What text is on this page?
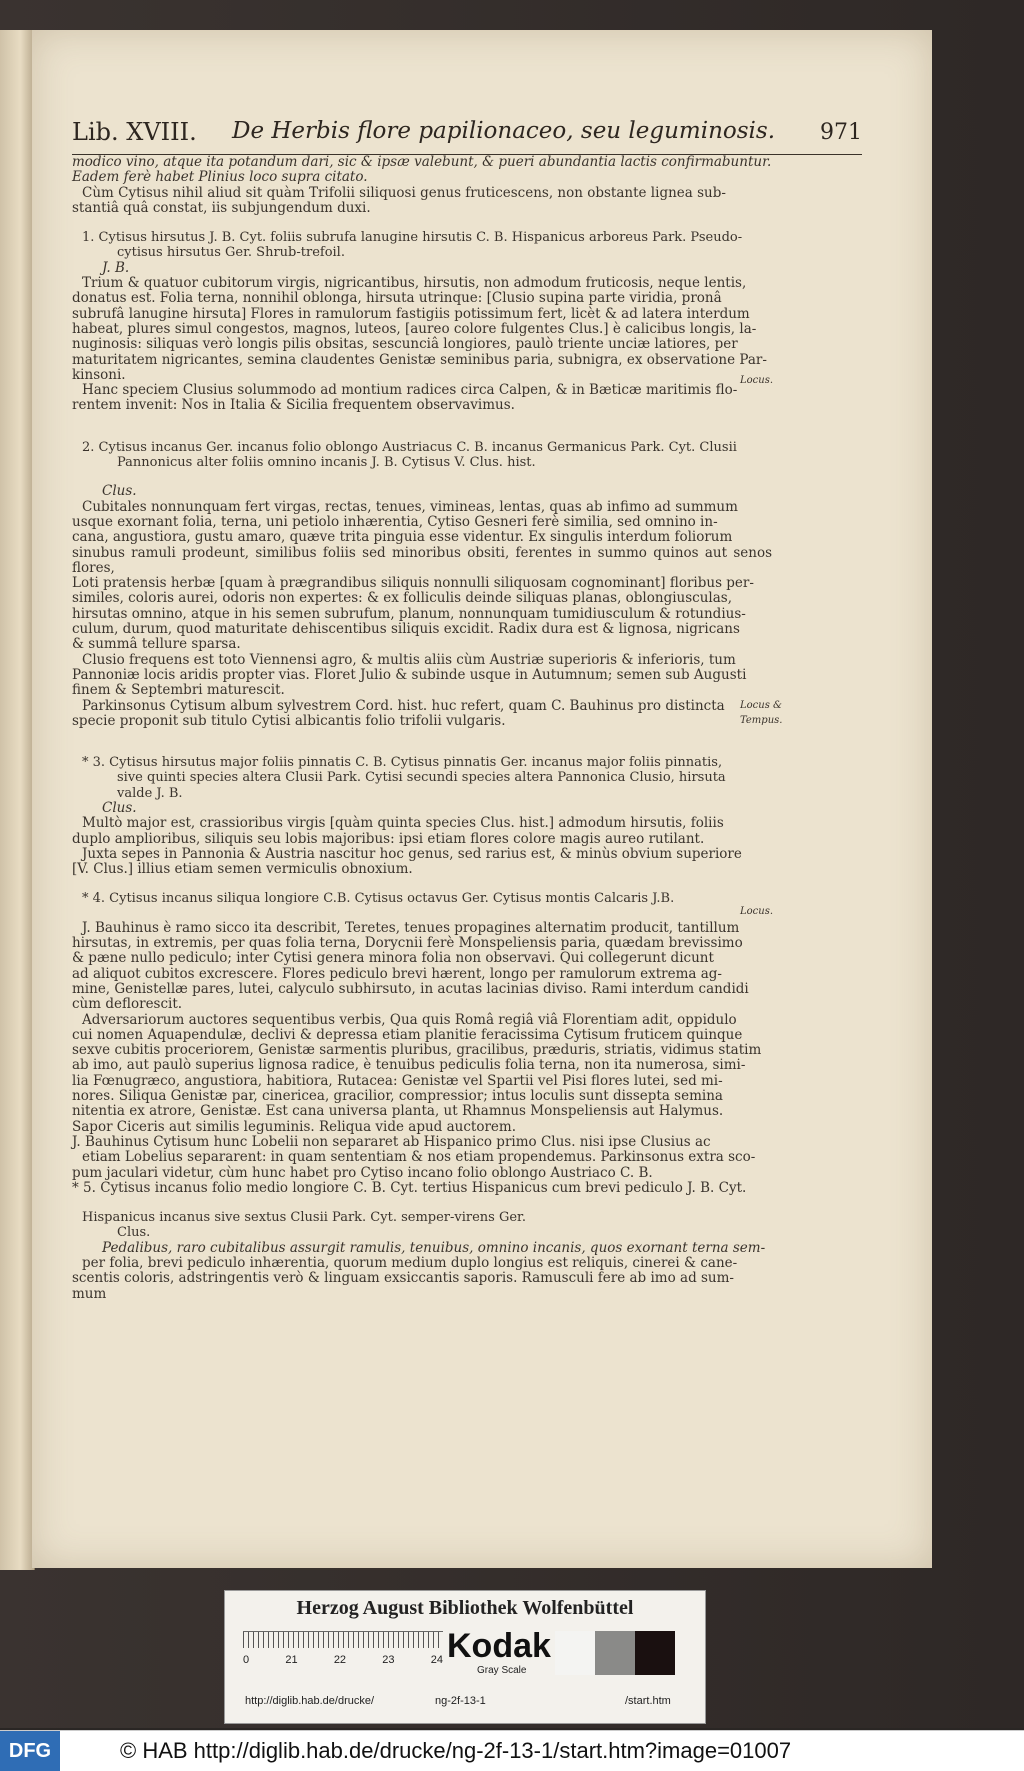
Lib. XVIII. De Herbis flore papilionaceo, seu leguminosis. 971

modico vino, atque ita potandum dari, sic & ipsæ valebunt, & pueri abundantia lactis confirmabuntur.

Eadem ferè habet Plinius loco supra citato.

Cùm Cytisus nihil aliud sit quàm Trifolii siliquosi genus fruticescens, non obstante lignea sub-

stantiâ quâ constat, iis subjungendum duxi.

1. Cytisus hirsutus J. B. Cyt. foliis subrufa lanugine hirsutis C. B. Hispanicus arboreus Park. Pseudo-

cytisus hirsutus Ger. Shrub-trefoil.

J. B.

Trium & quatuor cubitorum virgis, nigricantibus, hirsutis, non admodum fruticosis, neque lentis,

donatus est. Folia terna, nonnihil oblonga, hirsuta utrinque: [Clusio supina parte viridia, pronâ

subrufâ lanugine hirsuta] Flores in ramulorum fastigiis potissimum fert, licèt & ad latera interdum

habeat, plures simul congestos, magnos, luteos, [aureo colore fulgentes Clus.] è calicibus longis, la-

nuginosis: siliquas verò longis pilis obsitas, sescunciâ longiores, paulò triente unciæ latiores, per

maturitatem nigricantes, semina claudentes Genistæ seminibus paria, subnigra, ex observatione Par-

kinsoni.

Hanc speciem Clusius solummodo ad montium radices circa Calpen, & in Bæticæ maritimis flo-

rentem invenit: Nos in Italia & Sicilia frequentem observavimus.

2. Cytisus incanus Ger. incanus folio oblongo Austriacus C. B. incanus Germanicus Park. Cyt. Clusii

Pannonicus alter foliis omnino incanis J. B. Cytisus V. Clus. hist.

Clus.

Cubitales nonnunquam fert virgas, rectas, tenues, vimineas, lentas, quas ab infimo ad summum

usque exornant folia, terna, uni petiolo inhærentia, Cytiso Gesneri ferè similia, sed omnino in-

cana, angustiora, gustu amaro, quæve trita pinguia esse videntur. Ex singulis interdum foliorum

sinubus ramuli prodeunt, similibus foliis sed minoribus obsiti, ferentes in summo quinos aut senos flores,

Loti pratensis herbæ [quam à prægrandibus siliquis nonnulli siliquosam cognominant] floribus per-

similes, coloris aurei, odoris non expertes: & ex folliculis deinde siliquas planas, oblongiusculas,

hirsutas omnino, atque in his semen subrufum, planum, nonnunquam tumidiusculum & rotundius-

culum, durum, quod maturitate dehiscentibus siliquis excidit. Radix dura est & lignosa, nigricans

& summâ tellure sparsa.

Clusio frequens est toto Viennensi agro, & multis aliis cùm Austriæ superioris & inferioris, tum

Pannoniæ locis aridis propter vias. Floret Julio & subinde usque in Autumnum; semen sub Augusti

finem & Septembri maturescit.

Parkinsonus Cytisum album sylvestrem Cord. hist. huc refert, quam C. Bauhinus pro distincta

specie proponit sub titulo Cytisi albicantis folio trifolii vulgaris.

* 3. Cytisus hirsutus major foliis pinnatis C. B. Cytisus pinnatis Ger. incanus major foliis pinnatis,

sive quinti species altera Clusii Park. Cytisi secundi species altera Pannonica Clusio, hirsuta

valde J. B.

Clus.

Multò major est, crassioribus virgis [quàm quinta species Clus. hist.] admodum hirsutis, foliis

duplo amplioribus, siliquis seu lobis majoribus: ipsi etiam flores colore magis aureo rutilant.

Juxta sepes in Pannonia & Austria nascitur hoc genus, sed rarius est, & minùs obvium superiore

[V. Clus.] illius etiam semen vermiculis obnoxium.

* 4. Cytisus incanus siliqua longiore C.B. Cytisus octavus Ger. Cytisus montis Calcaris J.B.

J. Bauhinus è ramo sicco ita describit, Teretes, tenues propagines alternatim producit, tantillum

hirsutas, in extremis, per quas folia terna, Dorycnii ferè Monspeliensis paria, quædam brevissimo

& pæne nullo pediculo; inter Cytisi genera minora folia non observavi. Qui collegerunt dicunt

ad aliquot cubitos excrescere. Flores pediculo brevi hærent, longo per ramulorum extrema ag-

mine, Genistellæ pares, lutei, calyculo subhirsuto, in acutas lacinias diviso. Rami interdum candidi

cùm deflorescit.

Adversariorum auctores sequentibus verbis, Qua quis Româ regiâ viâ Florentiam adit, oppidulo

cui nomen Aquapendulæ, declivi & depressa etiam planitie feracissima Cytisum fruticem quinque

sexve cubitis proceriorem, Genistæ sarmentis pluribus, gracilibus, præduris, striatis, vidimus statim

ab imo, aut paulò superius lignosa radice, è tenuibus pediculis folia terna, non ita numerosa, simi-

lia Fœnugræco, angustiora, habitiora, Rutacea: Genistæ vel Spartii vel Pisi flores lutei, sed mi-

nores. Siliqua Genistæ par, cinericea, gracilior, compressior; intus loculis sunt dissepta semina

nitentia ex atrore, Genistæ. Est cana universa planta, ut Rhamnus Monspeliensis aut Halymus.

Sapor Ciceris aut similis leguminis. Reliqua vide apud auctorem.

J. Bauhinus Cytisum hunc Lobelii non separaret ab Hispanico primo Clus. nisi ipse Clusius ac

etiam Lobelius separarent: in quam sententiam & nos etiam propendemus. Parkinsonus extra sco-

pum jaculari videtur, cùm hunc habet pro Cytiso incano folio oblongo Austriaco C. B.

* 5. Cytisus incanus folio medio longiore C. B. Cyt. tertius Hispanicus cum brevi pediculo J. B. Cyt.

Hispanicus incanus sive sextus Clusii Park. Cyt. semper-virens Ger.

Clus.

Pedalibus, raro cubitalibus assurgit ramulis, tenuibus, omnino incanis, quos exornant terna sem-

per folia, brevi pediculo inhærentia, quorum medium duplo longius est reliquis, cinerei & cane-

scentis coloris, adstringentis verò & linguam exsiccantis saporis. Ramusculi fere ab imo ad sum-

mum

Locus.
Locus &
Tempus.
Locus.
Herzog August Bibliothek Wolfenbüttel
0	21	22	23	24 Kodak
Gray Scale
http://diglib.hab.de/drucke/	ng-2f-13-1	/start.htm
DFG	© HAB http://diglib.hab.de/drucke/ng-2f-13-1/start.htm?image=01007
